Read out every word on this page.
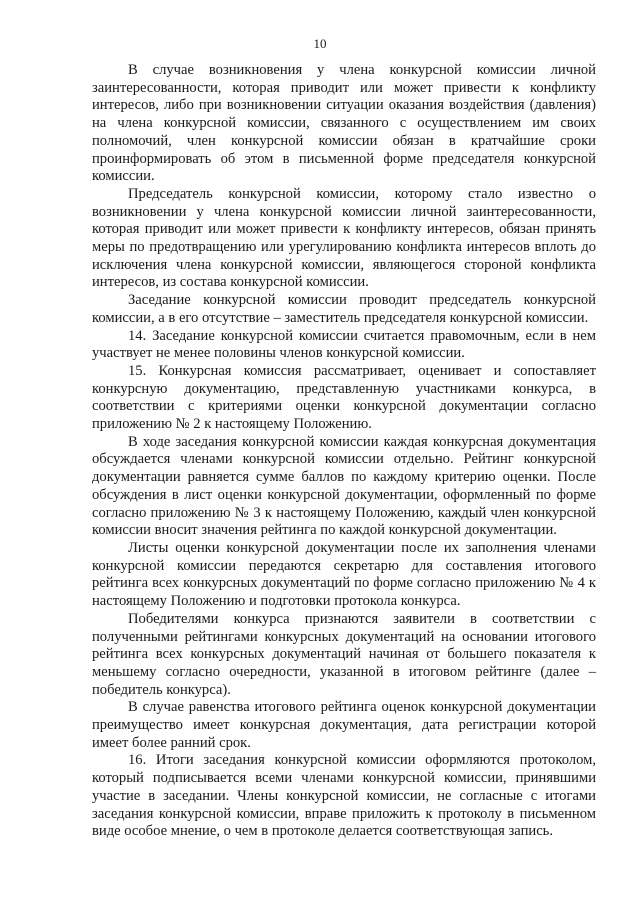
10

В случае возникновения у члена конкурсной комиссии личной заинтересованности, которая приводит или может привести к конфликту интересов, либо при возникновении ситуации оказания воздействия (давления) на члена конкурсной комиссии, связанного с осуществлением им своих полномочий, член конкурсной комиссии обязан в кратчайшие сроки проинформировать об этом в письменной форме председателя конкурсной комиссии.

Председатель конкурсной комиссии, которому стало известно о возникновении у члена конкурсной комиссии личной заинтересованности, которая приводит или может привести к конфликту интересов, обязан принять меры по предотвращению или урегулированию конфликта интересов вплоть до исключения члена конкурсной комиссии, являющегося стороной конфликта интересов, из состава конкурсной комиссии.

Заседание конкурсной комиссии проводит председатель конкурсной комиссии, а в его отсутствие – заместитель председателя конкурсной комиссии.

14. Заседание конкурсной комиссии считается правомочным, если в нем участвует не менее половины членов конкурсной комиссии.

15. Конкурсная комиссия рассматривает, оценивает и сопоставляет конкурсную документацию, представленную участниками конкурса, в соответствии с критериями оценки конкурсной документации согласно приложению № 2 к настоящему Положению.

В ходе заседания конкурсной комиссии каждая конкурсная документация обсуждается членами конкурсной комиссии отдельно. Рейтинг конкурсной документации равняется сумме баллов по каждому критерию оценки. После обсуждения в лист оценки конкурсной документации, оформленный по форме согласно приложению № 3 к настоящему Положению, каждый член конкурсной комиссии вносит значения рейтинга по каждой конкурсной документации.

Листы оценки конкурсной документации после их заполнения членами конкурсной комиссии передаются секретарю для составления итогового рейтинга всех конкурсных документаций по форме согласно приложению № 4 к настоящему Положению и подготовки протокола конкурса.

Победителями конкурса признаются заявители в соответствии с полученными рейтингами конкурсных документаций на основании итогового рейтинга всех конкурсных документаций начиная от большего показателя к меньшему согласно очередности, указанной в итоговом рейтинге (далее – победитель конкурса).

В случае равенства итогового рейтинга оценок конкурсной документации преимущество имеет конкурсная документация, дата регистрации которой имеет более ранний срок.

16. Итоги заседания конкурсной комиссии оформляются протоколом, который подписывается всеми членами конкурсной комиссии, принявшими участие в заседании. Члены конкурсной комиссии, не согласные с итогами заседания конкурсной комиссии, вправе приложить к протоколу в письменном виде особое мнение, о чем в протоколе делается соответствующая запись.
